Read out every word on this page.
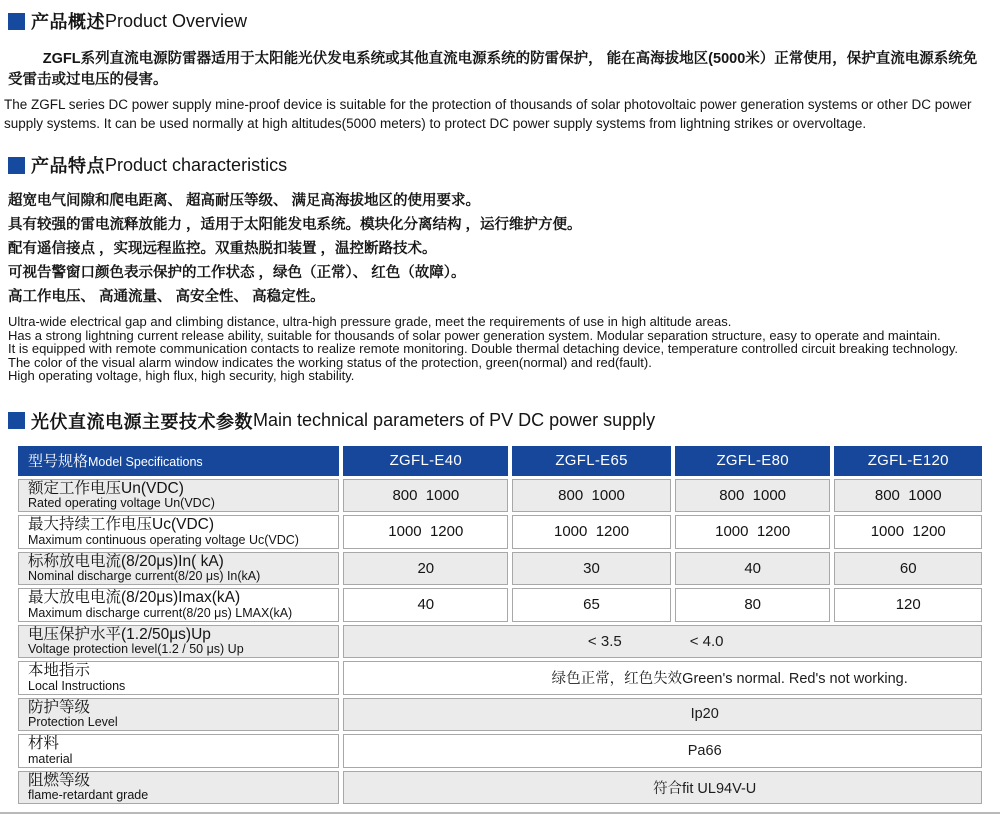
产品概述 Product Overview

ZGFL系列直流电源防雷器适用于太阳能光伏发电系统或其他直流电源系统的防雷保护， 能在高海拔地区(5000米）正常使用，保护直流电源系统免受雷击或过电压的侵害。

The ZGFL series DC power supply mine-proof device is suitable for the protection of thousands of solar photovoltaic power generation systems or other DC power supply systems. It can be used normally at high altitudes(5000 meters) to protect DC power supply systems from lightning strikes or overvoltage.

产品特点 Product characteristics
超宽电气间隙和爬电距离、 超高耐压等级、 满足高海拔地区的使用要求。
具有较强的雷电流释放能力 ，适用于太阳能发电系统。模块化分离结构 ，运行维护方便。
配有遥信接点 ，实现远程监控。双重热脱扣装置 ，温控断路技术。
可视告警窗口颜色表示保护的工作状态 ，绿色（正常）、 红色（故障）。
高工作电压、 高通流量、 高安全性、 高稳定性。
Ultra-wide electrical gap and climbing distance, ultra-high pressure grade, meet the requirements of use in high altitude areas.
Has a strong lightning current release ability, suitable for thousands of solar power generation system. Modular separation structure, easy to operate and maintain.
It is equipped with remote communication contacts to realize remote monitoring. Double thermal detaching device, temperature controlled circuit breaking technology.
The color of the visual alarm window indicates the working status of the protection, green(normal) and red(fault).
High operating voltage, high flux, high security, high stability.
光伏直流电源主要技术参数 Main technical parameters of PV DC power supply
型号规格Model Specifications	ZGFL-E40	ZGFL-E65	ZGFL-E80	ZGFL-E120

额定工作电压Un(VDC)
Rated operating voltage Un(VDC)	800  1000	800  1000	800  1000	800  1000

最大持续工作电压Uc(VDC)
Maximum continuous operating voltage Uc(VDC)	1000  1200	1000  1200	1000  1200	1000  1200

标称放电电流(8/20μs)In( kA)
Nominal discharge current(8/20 μs) In(kA)	20	30	40	60

最大放电电流(8/20μs)Imax(kA)
Maximum discharge current(8/20 μs) LMAX(kA)	40	65	80	120

电压保护水平(1.2/50μs)Up
Voltage protection level(1.2 / 50 μs) Up	< 3.5	< 4.0

本地指示
Local Instructions	绿色正常，红色失效Green's normal. Red's not working.			

防护等级
Protection Level	Ip20			

材料
material	Pa66			

阻燃等级
flame-retardant grade	符合fit UL94V-U			
